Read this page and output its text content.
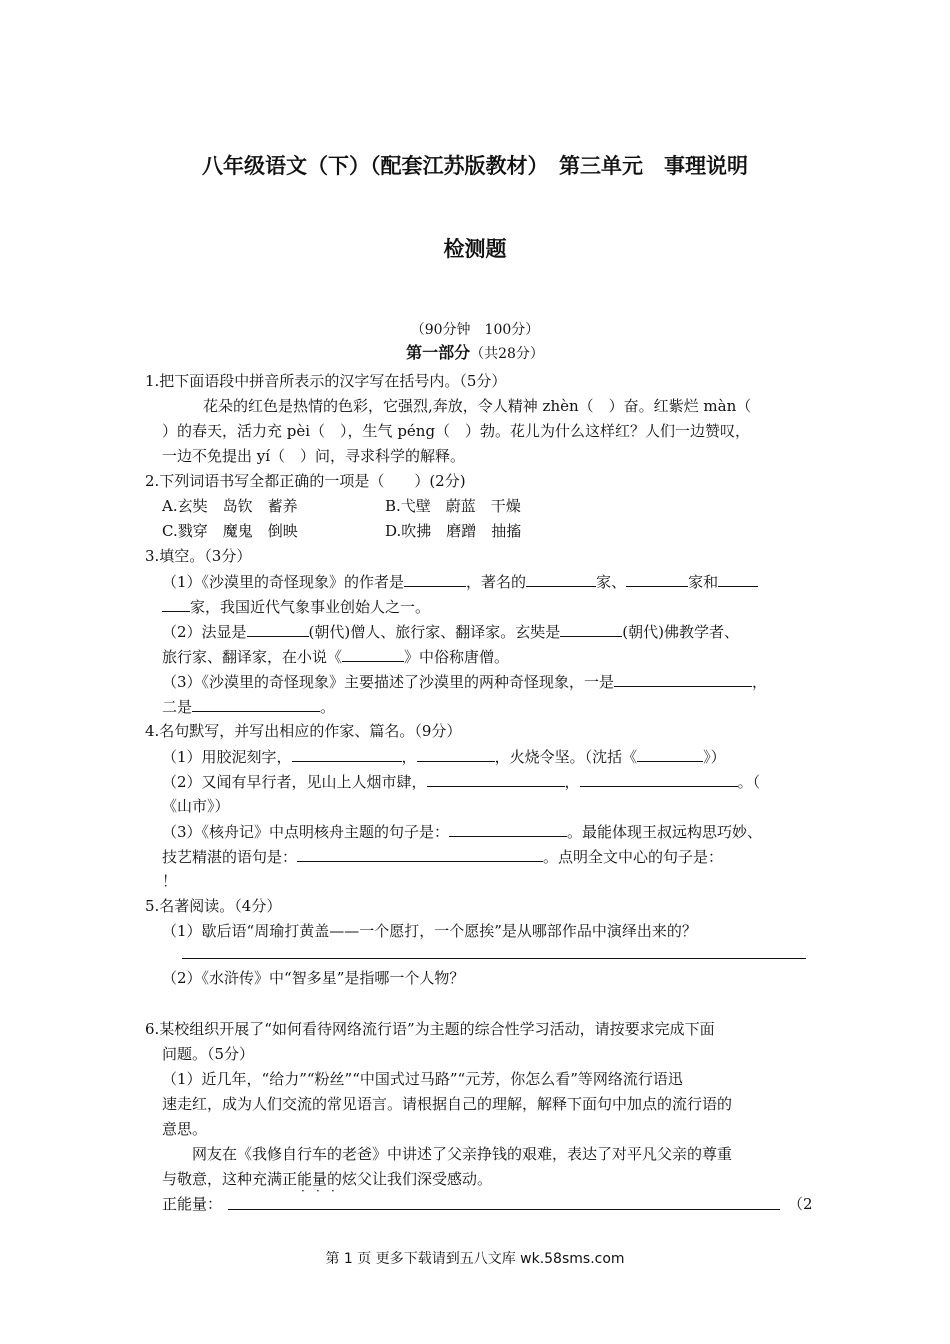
八年级语文（下）（配套江苏版教材）　第三单元　事理说明
检测题
（90分钟　100分）
第一部分（共28分）
1.把下面语段中拼音所表示的汉字写在括号内。（5分）
花朵的红色是热情的色彩，它强烈,奔放，令人精神 zhèn（　）奋。红紫烂 màn（
）的春天，活力充 pèi（　），生气 péng（　）勃。花儿为什么这样红？人们一边赞叹，
一边不免提出 yí（　）问，寻求科学的解释。
2.下列词语书写全都正确的一项是（　　）(2分)
A.玄奘　岛钦　蓄养	B.弋壁　蔚蓝　干燥
C.戮穿　魔鬼　倒映	D.吹拂　磨蹭　抽搐
3.填空。（3分）
（1）《沙漠里的奇怪现象》的作者是	，著名的	家、	家和
家，我国近代气象事业创始人之一。
（2）法显是	(朝代)僧人、旅行家、翻译家。玄奘是	(朝代)佛教学者、
旅行家、翻译家，在小说《	》中俗称唐僧。
（3）《沙漠里的奇怪现象》主要描述了沙漠里的两种奇怪现象，一是	，
二是	。
4.名句默写，并写出相应的作家、篇名。（9分）
（1）用胶泥刻字，	，	，火烧令坚。（沈括《	》）
（2）又闻有早行者，见山上人烟市肆，	，	。（
《山市》）
（3）《核舟记》中点明核舟主题的句子是：	。最能体现王叔远构思巧妙、
技艺精湛的语句是：	。点明全文中心的句子是：
！
5.名著阅读。（4分）
（1）歇后语“周瑜打黄盖——一个愿打，一个愿挨”是从哪部作品中演绎出来的？
（2）《水浒传》中“智多星”是指哪一个人物？
6.某校组织开展了“如何看待网络流行语”为主题的综合性学习活动，请按要求完成下面
问题。（5分）
（1）近几年，“给力”“粉丝”“中国式过马路”“元芳，你怎么看”等网络流行语迅
速走红，成为人们交流的常见语言。请根据自己的理解，解释下面句中加点的流行语的
意思。
网友在《我修自行车的老爸》中讲述了父亲挣钱的艰难，表达了对平凡父亲的尊重
与敬意，这种充满正能量的炫父让我们深受感动。
· · ·
正能量：	（2
第 1 页 更多下载请到五八文库 wk.58sms.com
